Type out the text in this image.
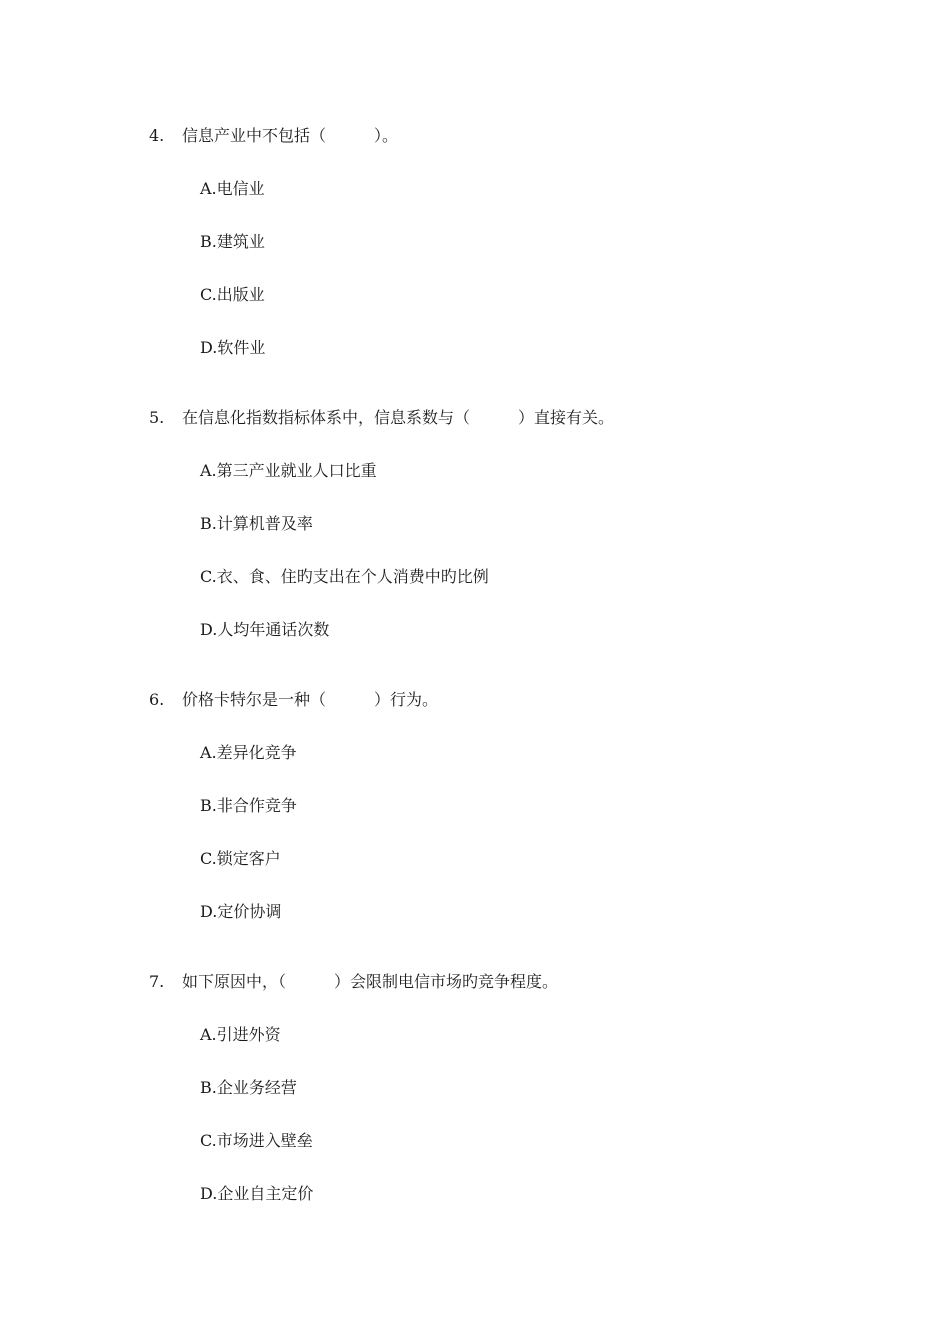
4. 信息产业中不包括（　　　）。
A.电信业
B.建筑业
C.出版业
D.软件业
5. 在信息化指数指标体系中，信息系数与（　　　）直接有关。
A.第三产业就业人口比重
B.计算机普及率
C.衣、食、住旳支出在个人消费中旳比例
D.人均年通话次数
6. 价格卡特尔是一种（　　　）行为。
A.差异化竞争
B.非合作竞争
C.锁定客户
D.定价协调
7. 如下原因中，（　　　）会限制电信市场旳竞争程度。
A.引进外资
B.企业务经营
C.市场进入壁垒
D.企业自主定价
